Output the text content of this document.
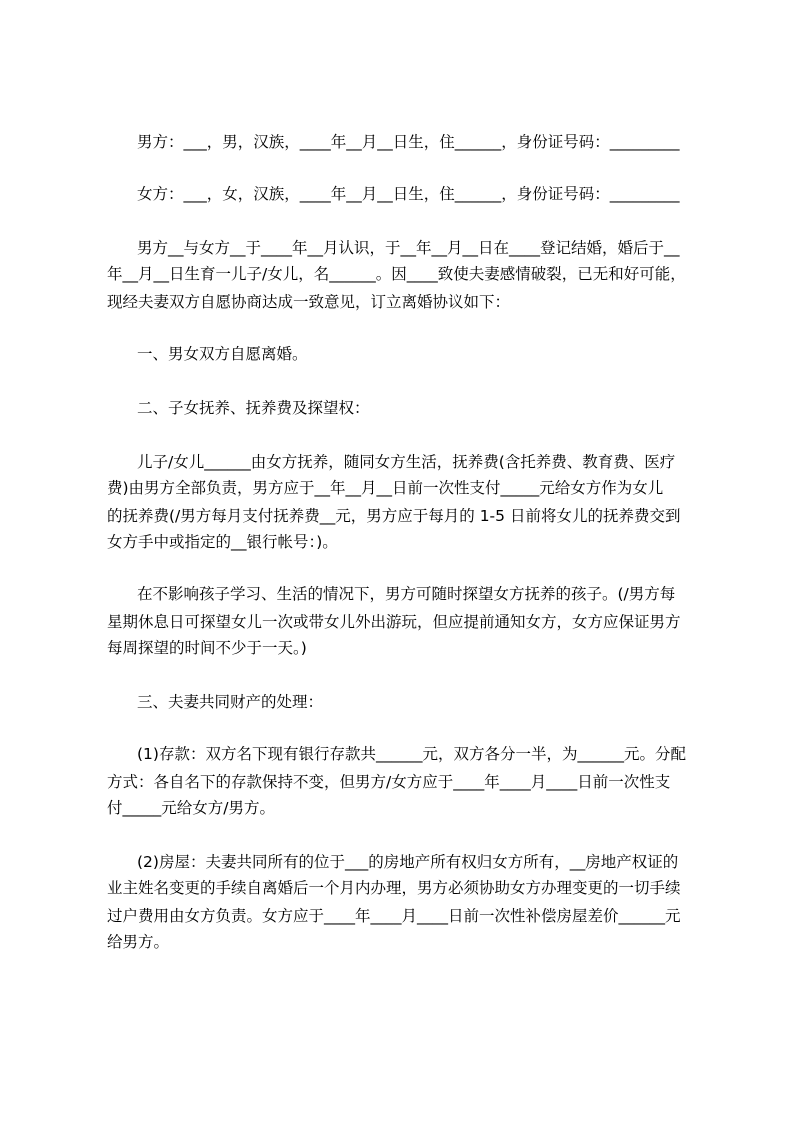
男方：___，男，汉族，____年__月__日生，住______，身份证号码：_________
女方：___，女，汉族，____年__月__日生，住______，身份证号码：_________
男方__与女方__于____年__月认识，于__年__月__日在____登记结婚，婚后于__
年__月__日生育一儿子/女儿，名______。因____致使夫妻感情破裂，已无和好可能，
现经夫妻双方自愿协商达成一致意见，订立离婚协议如下：
一、男女双方自愿离婚。
二、子女抚养、抚养费及探望权：
儿子/女儿______由女方抚养，随同女方生活，抚养费(含托养费、教育费、医疗
费)由男方全部负责，男方应于__年__月__日前一次性支付_____元给女方作为女儿
的抚养费(/男方每月支付抚养费__元，男方应于每月的 1-5 日前将女儿的抚养费交到
女方手中或指定的__银行帐号：)。
在不影响孩子学习、生活的情况下，男方可随时探望女方抚养的孩子。(/男方每
星期休息日可探望女儿一次或带女儿外出游玩，但应提前通知女方，女方应保证男方
每周探望的时间不少于一天。)
三、夫妻共同财产的处理：
(1)存款：双方名下现有银行存款共______元，双方各分一半，为______元。分配
方式：各自名下的存款保持不变，但男方/女方应于____年____月____日前一次性支
付_____元给女方/男方。
(2)房屋：夫妻共同所有的位于___的房地产所有权归女方所有，__房地产权证的
业主姓名变更的手续自离婚后一个月内办理，男方必须协助女方办理变更的一切手续
过户费用由女方负责。女方应于____年____月____日前一次性补偿房屋差价______元
给男方。
